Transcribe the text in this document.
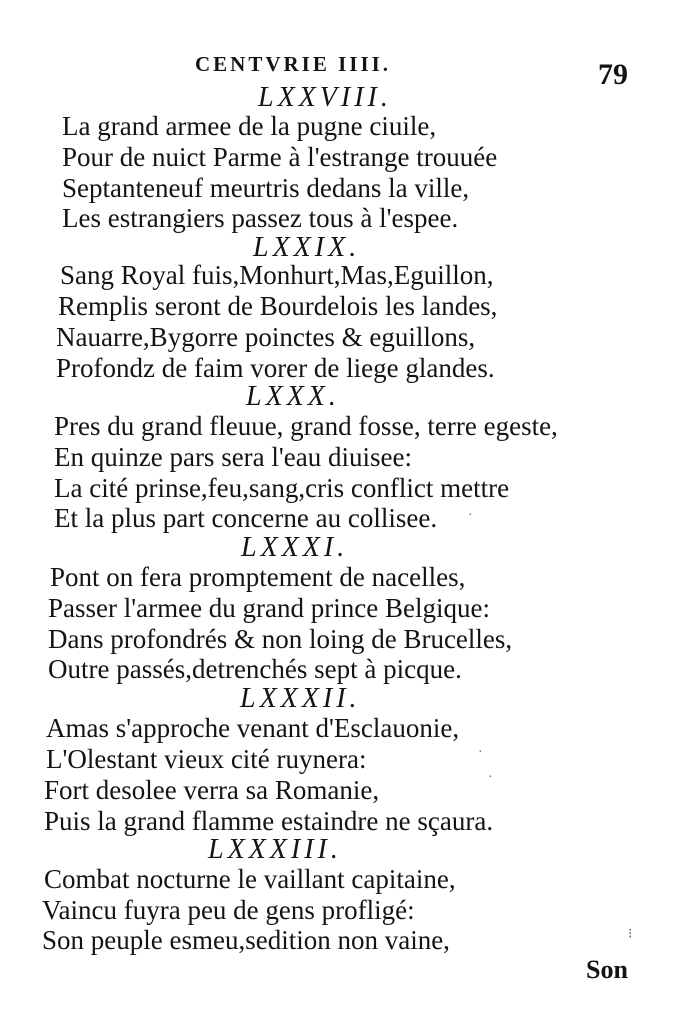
CENTVRIE IIII.	79
LXXVIII.
La grand armee de la pugne ciuile,
Pour de nuict Parme à l'estrange trouuée
Septanteneuf meurtris dedans la ville,
Les estrangiers passez tous à l'espee.
LXXIX.
Sang Royal fuis,Monhurt,Mas,Eguillon,
Remplis seront de Bourdelois les landes,
Nauarre,Bygorre poinctes & eguillons,
Profondz de faim vorer de liege glandes.
LXXX.
Pres du grand fleuue, grand fosse, terre egeste,
En quinze pars sera l'eau diuisee:
La cité prinse,feu,sang,cris conflict mettre
Et la plus part concerne au collisee.
LXXXI.
Pont on fera promptement de nacelles,
Passer l'armee du grand prince Belgique:
Dans profondrés & non loing de Brucelles,
Outre passés,detrenchés sept à picque.
LXXXII.
Amas s'approche venant d'Esclauonie,
L'Olestant vieux cité ruynera:
Fort desolee verra sa Romanie,
Puis la grand flamme estaindre ne sçaura.
LXXXIII.
Combat nocturne le vaillant capitaine,
Vaincu fuyra peu de gens profligé:
Son peuple esmeu,sedition non vaine,
·
·
·
⁝
Son
